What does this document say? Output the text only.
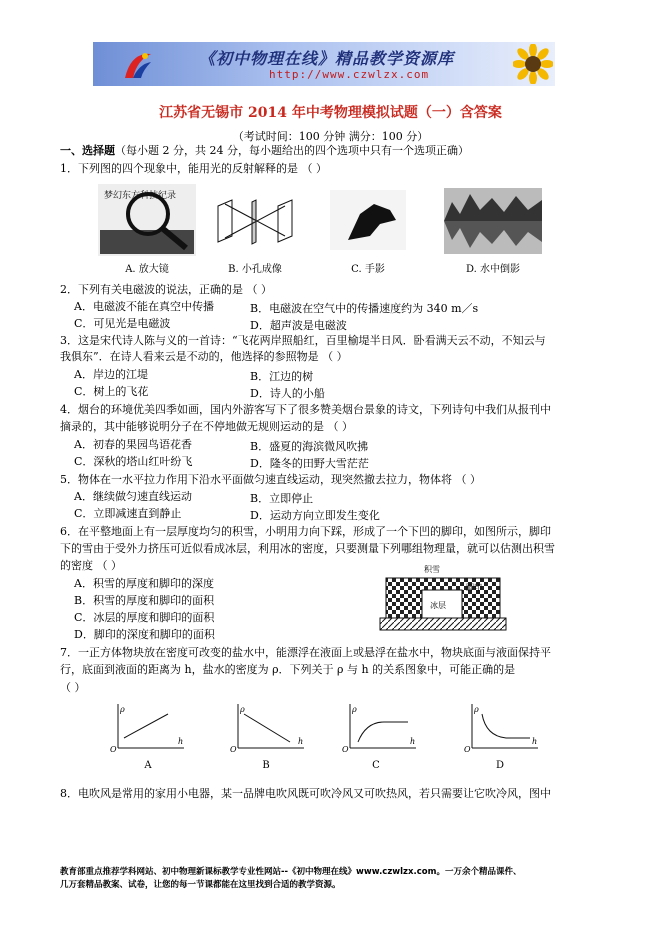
《初中物理在线》精品教学资源库
http://www.czwlzx.com
江苏省无锡市 2014 年中考物理模拟试题（一）含答案
（考试时间：100 分钟 满分：100 分）
一、选择题（每小题 2 分，共 24 分，每小题给出的四个选项中只有一个选项正确）
1．下列图的四个现象中，能用光的反射解释的是 （ ）
梦幻东方科技纪录
A. 放大镜	B. 小孔成像	C. 手影	D. 水中倒影
2．下列有关电磁波的说法，正确的是 （ ）
A．电磁波不能在真空中传播	B．电磁波在空气中的传播速度约为 340 m／s
C．可见光是电磁波	D．超声波是电磁波
3．这是宋代诗人陈与义的一首诗：“飞花两岸照船红，百里榆堤半日风．卧看满天云不动，不知云与
我俱东”．在诗人看来云是不动的，他选择的参照物是 （ ）
A．岸边的江堤	B．江边的树
C．树上的飞花	D．诗人的小船
4．烟台的环境优美四季如画，国内外游客写下了很多赞美烟台景象的诗文，下列诗句中我们从报刊中
摘录的，其中能够说明分子在不停地做无规则运动的是 （ ）
A．初春的果园鸟语花香	B．盛夏的海滨微风吹拂
C．深秋的塔山红叶纷飞	D．隆冬的田野大雪茫茫
5．物体在一水平拉力作用下沿水平面做匀速直线运动，现突然撤去拉力，物体将 （ ）
A．继续做匀速直线运动	B．立即停止
C．立即减速直到静止	D．运动方向立即发生变化
6．在平整地面上有一层厚度均匀的积雪，小明用力向下踩，形成了一个下凹的脚印，如图所示，脚印
下的雪由于受外力挤压可近似看成冰层，利用冰的密度，只要测量下列哪组物理量，就可以估测出积雪
的密度 （ ）
A．积雪的厚度和脚印的深度
B．积雪的厚度和脚印的面积
C．冰层的厚度和脚印的面积
D．脚印的深度和脚印的面积
积雪
冰层
脚印
7．一正方体物块放在密度可改变的盐水中，能漂浮在液面上或悬浮在盐水中，物块底面与液面保持平
行，底面到液面的距离为 h，盐水的密度为 ρ．下列关于 ρ 与 h 的关系图象中，可能正确的是
（ ）
ρ
h
O
A
ρ
h
O
B
ρ
h
O
C
ρ
h
O
D
8．电吹风是常用的家用小电器，某一品牌电吹风既可吹冷风又可吹热风，若只需要让它吹冷风，图中
教育部重点推荐学科网站、初中物理新课标教学专业性网站--《初中物理在线》www.czwlzx.com。一万余个精品课件、
几万套精品教案、试卷，让您的每一节课都能在这里找到合适的教学资源。
